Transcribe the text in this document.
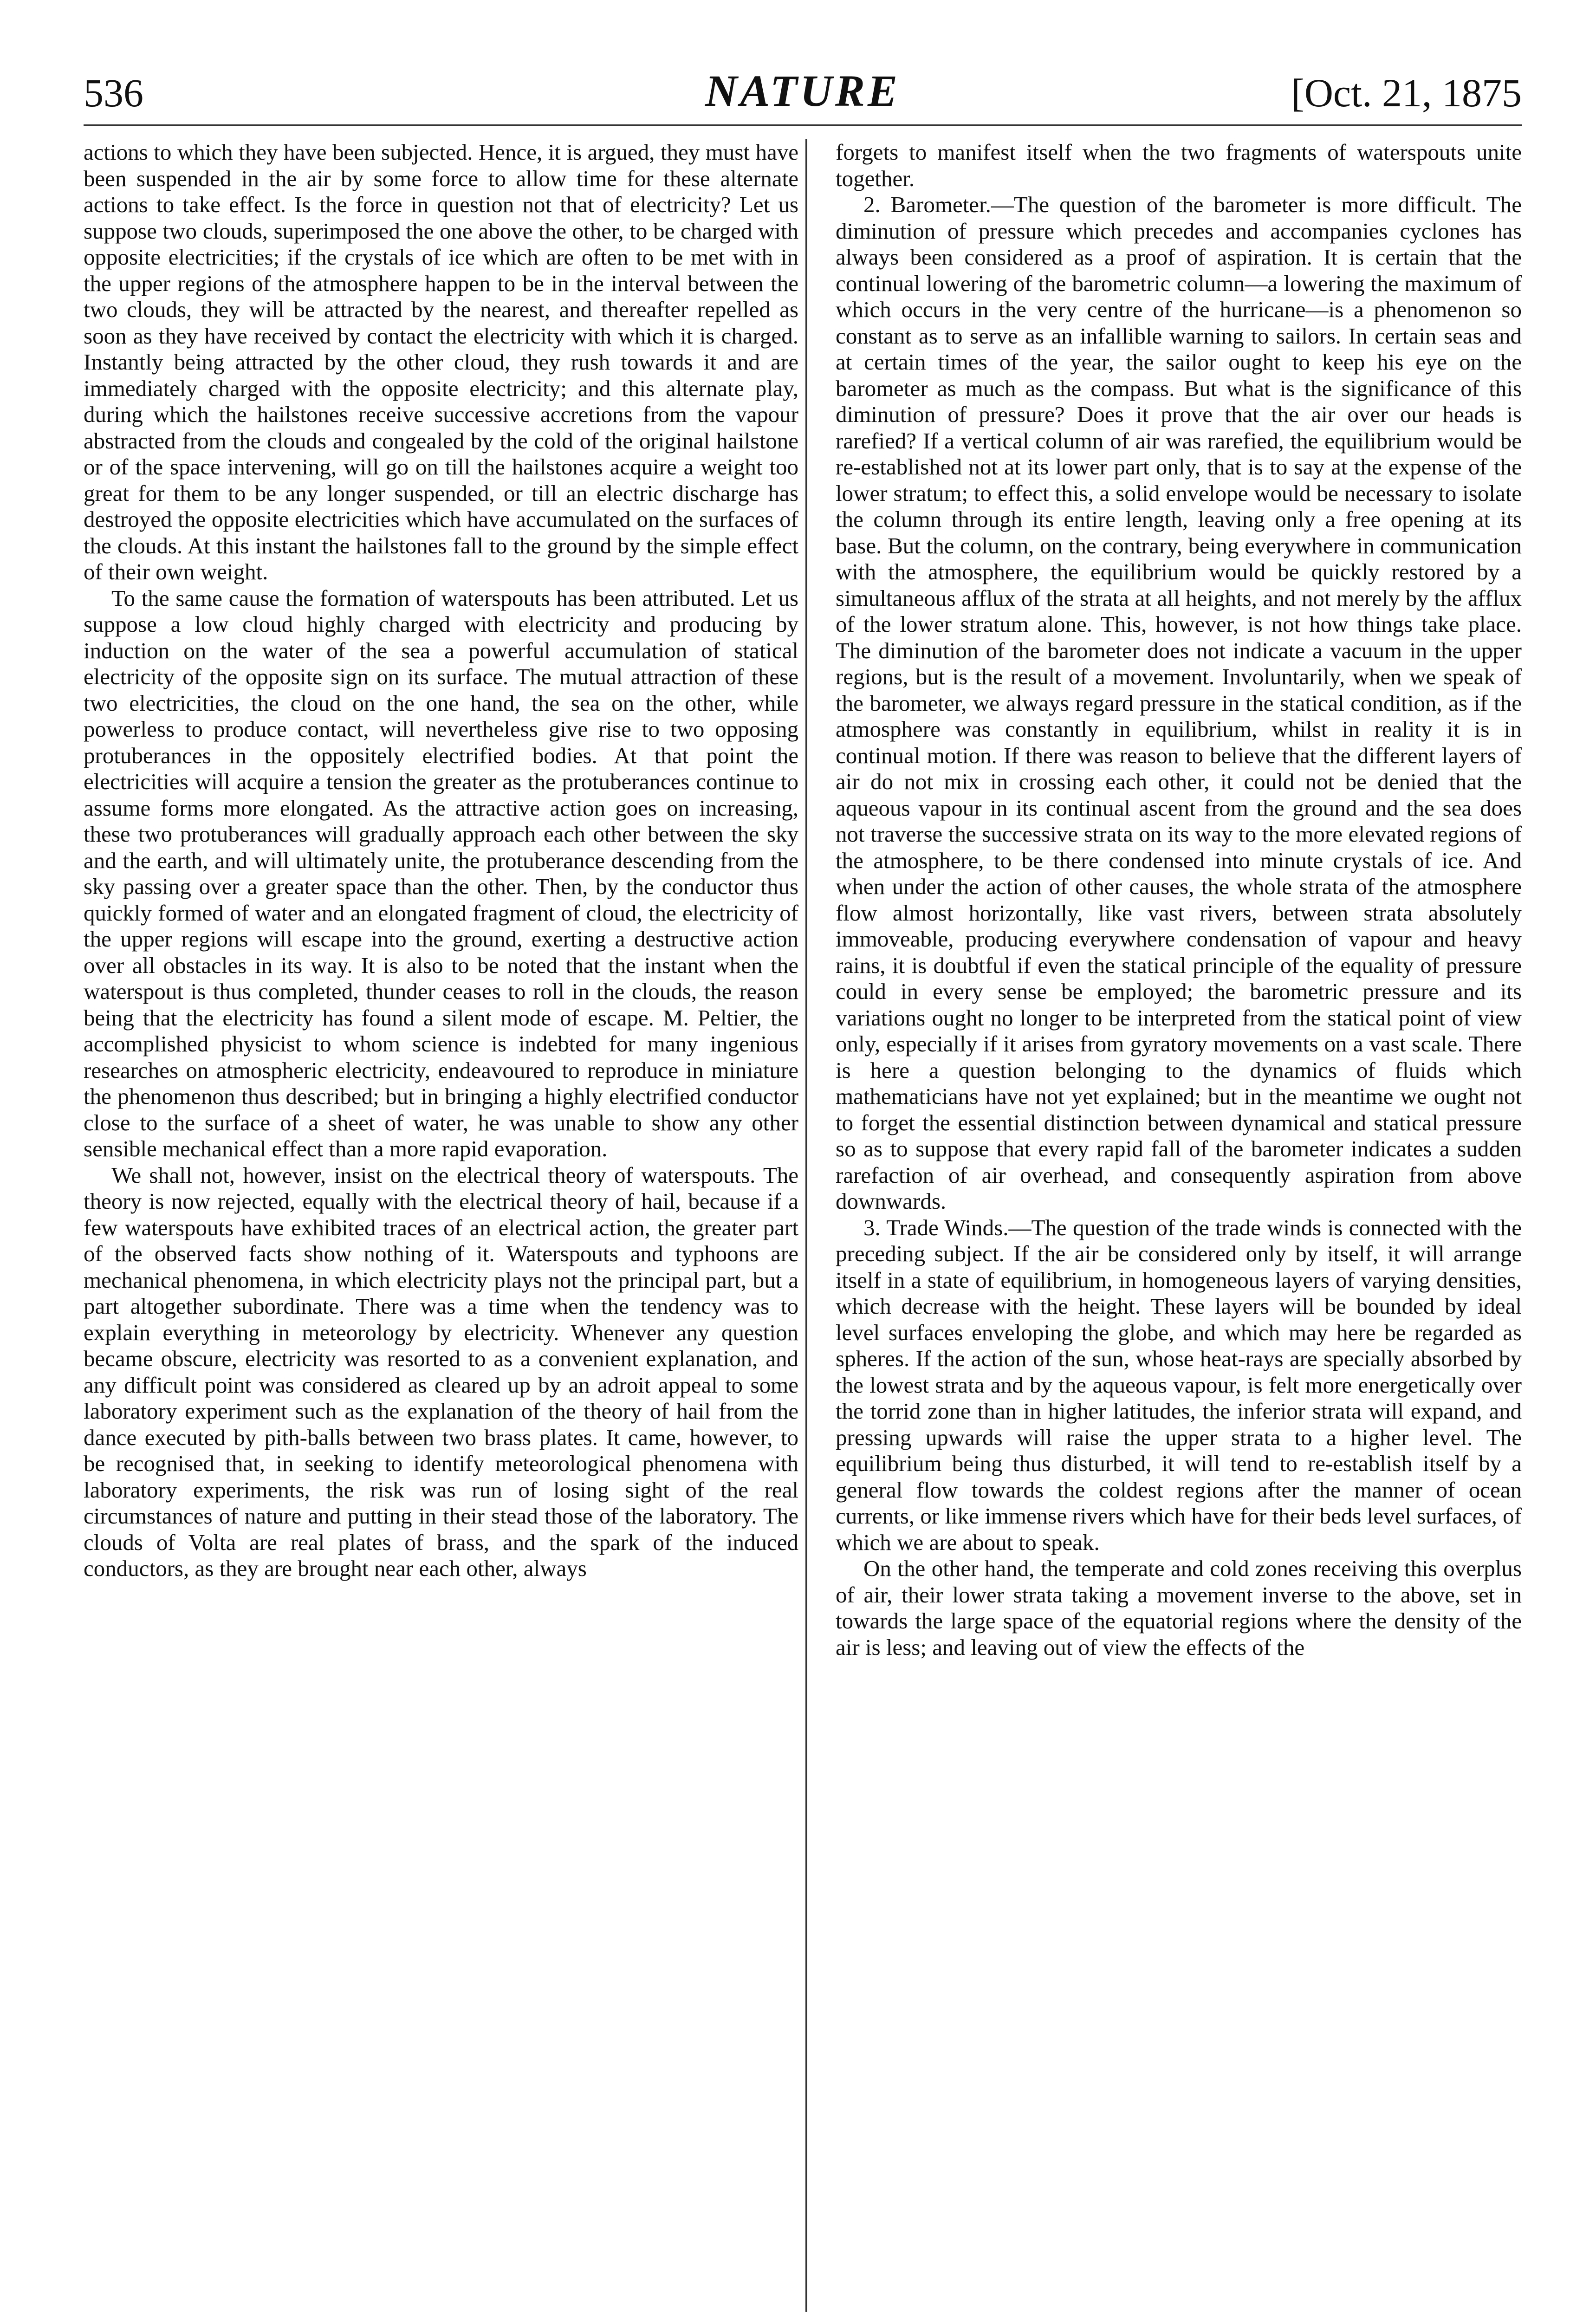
536	NATURE	[Oct. 21, 1875

actions to which they have been subjected. Hence, it is argued, they must have been suspended in the air by some force to allow time for these alternate actions to take effect. Is the force in question not that of electricity? Let us suppose two clouds, superimposed the one above the other, to be charged with opposite electricities; if the crystals of ice which are often to be met with in the upper regions of the atmosphere happen to be in the interval between the two clouds, they will be attracted by the nearest, and thereafter repelled as soon as they have received by contact the electricity with which it is charged. Instantly being attracted by the other cloud, they rush towards it and are immediately charged with the opposite electricity; and this alternate play, during which the hailstones receive successive accretions from the vapour abstracted from the clouds and congealed by the cold of the original hailstone or of the space intervening, will go on till the hailstones acquire a weight too great for them to be any longer suspended, or till an electric discharge has destroyed the opposite electricities which have accumulated on the surfaces of the clouds. At this instant the hailstones fall to the ground by the simple effect of their own weight.

To the same cause the formation of waterspouts has been attributed. Let us suppose a low cloud highly charged with electricity and producing by induction on the water of the sea a powerful accumulation of statical electricity of the opposite sign on its surface. The mutual attraction of these two electricities, the cloud on the one hand, the sea on the other, while powerless to produce contact, will nevertheless give rise to two opposing protuberances in the oppositely electrified bodies. At that point the electricities will acquire a tension the greater as the protuberances continue to assume forms more elongated. As the attractive action goes on increasing, these two protuberances will gradually approach each other between the sky and the earth, and will ultimately unite, the protuberance descending from the sky passing over a greater space than the other. Then, by the conductor thus quickly formed of water and an elongated fragment of cloud, the electricity of the upper regions will escape into the ground, exerting a destructive action over all obstacles in its way. It is also to be noted that the instant when the waterspout is thus completed, thunder ceases to roll in the clouds, the reason being that the electricity has found a silent mode of escape. M. Peltier, the accomplished physicist to whom science is indebted for many ingenious researches on atmospheric electricity, endeavoured to reproduce in miniature the phenomenon thus described; but in bringing a highly electrified conductor close to the surface of a sheet of water, he was unable to show any other sensible mechanical effect than a more rapid evaporation.

We shall not, however, insist on the electrical theory of waterspouts. The theory is now rejected, equally with the electrical theory of hail, because if a few waterspouts have exhibited traces of an electrical action, the greater part of the observed facts show nothing of it. Waterspouts and typhoons are mechanical phenomena, in which electricity plays not the principal part, but a part altogether subordinate. There was a time when the tendency was to explain everything in meteorology by electricity. Whenever any question became obscure, electricity was resorted to as a convenient explanation, and any difficult point was considered as cleared up by an adroit appeal to some laboratory experiment such as the explanation of the theory of hail from the dance executed by pith-balls between two brass plates. It came, however, to be recognised that, in seeking to identify meteorological phenomena with laboratory experiments, the risk was run of losing sight of the real circumstances of nature and putting in their stead those of the laboratory. The clouds of Volta are real plates of brass, and the spark of the induced conductors, as they are brought near each other, always

forgets to manifest itself when the two fragments of waterspouts unite together.

2. Barometer.—The question of the barometer is more difficult. The diminution of pressure which precedes and accompanies cyclones has always been considered as a proof of aspiration. It is certain that the continual lowering of the barometric column—a lowering the maximum of which occurs in the very centre of the hurricane—is a phenomenon so constant as to serve as an infallible warning to sailors. In certain seas and at certain times of the year, the sailor ought to keep his eye on the barometer as much as the compass. But what is the significance of this diminution of pressure? Does it prove that the air over our heads is rarefied? If a vertical column of air was rarefied, the equilibrium would be re-established not at its lower part only, that is to say at the expense of the lower stratum; to effect this, a solid envelope would be necessary to isolate the column through its entire length, leaving only a free opening at its base. But the column, on the contrary, being everywhere in communication with the atmosphere, the equilibrium would be quickly restored by a simultaneous afflux of the strata at all heights, and not merely by the afflux of the lower stratum alone. This, however, is not how things take place. The diminution of the barometer does not indicate a vacuum in the upper regions, but is the result of a movement. Involuntarily, when we speak of the barometer, we always regard pressure in the statical condition, as if the atmosphere was constantly in equilibrium, whilst in reality it is in continual motion. If there was reason to believe that the different layers of air do not mix in crossing each other, it could not be denied that the aqueous vapour in its continual ascent from the ground and the sea does not traverse the successive strata on its way to the more elevated regions of the atmosphere, to be there condensed into minute crystals of ice. And when under the action of other causes, the whole strata of the atmosphere flow almost horizontally, like vast rivers, between strata absolutely immoveable, producing everywhere condensation of vapour and heavy rains, it is doubtful if even the statical principle of the equality of pressure could in every sense be employed; the barometric pressure and its variations ought no longer to be interpreted from the statical point of view only, especially if it arises from gyratory movements on a vast scale. There is here a question belonging to the dynamics of fluids which mathematicians have not yet explained; but in the meantime we ought not to forget the essential distinction between dynamical and statical pressure so as to suppose that every rapid fall of the barometer indicates a sudden rarefaction of air overhead, and consequently aspiration from above downwards.

3. Trade Winds.—The question of the trade winds is connected with the preceding subject. If the air be considered only by itself, it will arrange itself in a state of equilibrium, in homogeneous layers of varying densities, which decrease with the height. These layers will be bounded by ideal level surfaces enveloping the globe, and which may here be regarded as spheres. If the action of the sun, whose heat-rays are specially absorbed by the lowest strata and by the aqueous vapour, is felt more energetically over the torrid zone than in higher latitudes, the inferior strata will expand, and pressing upwards will raise the upper strata to a higher level. The equilibrium being thus disturbed, it will tend to re-establish itself by a general flow towards the coldest regions after the manner of ocean currents, or like immense rivers which have for their beds level surfaces, of which we are about to speak.

On the other hand, the temperate and cold zones receiving this overplus of air, their lower strata taking a movement inverse to the above, set in towards the large space of the equatorial regions where the density of the air is less; and leaving out of view the effects of the
